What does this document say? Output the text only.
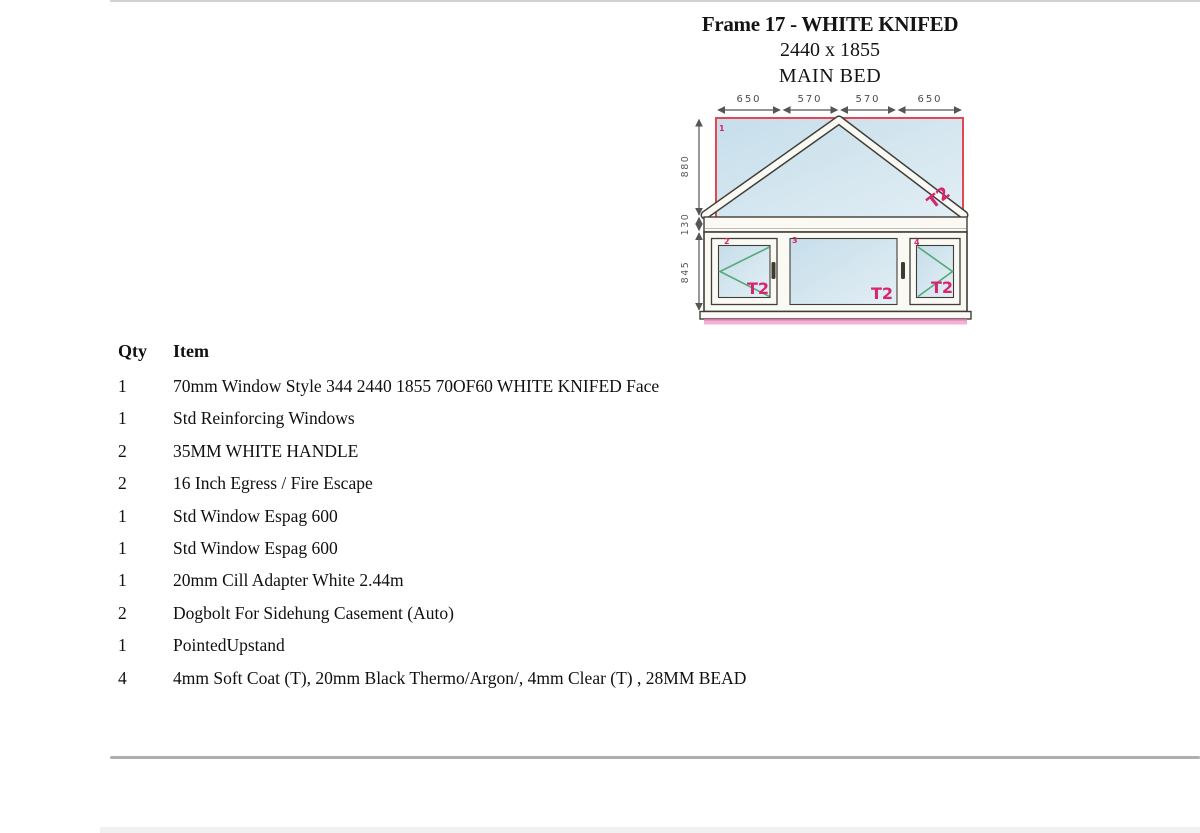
Frame 17 - WHITE KNIFED
2440 x 1855
MAIN BED
650	570	570	650
880
130
845
1
2	3	4
T2
T2	T2 T2
Qty	Item
1	70mm Window Style 344 2440 1855 70OF60 WHITE KNIFED Face
1	Std Reinforcing Windows
2	35MM WHITE HANDLE
2	16 Inch Egress / Fire Escape
1	Std Window Espag 600
1	Std Window Espag 600
1	20mm Cill Adapter White 2.44m
2	Dogbolt For Sidehung Casement (Auto)
1	PointedUpstand
4	4mm Soft Coat (T), 20mm Black Thermo/Argon/, 4mm Clear (T) , 28MM BEAD
